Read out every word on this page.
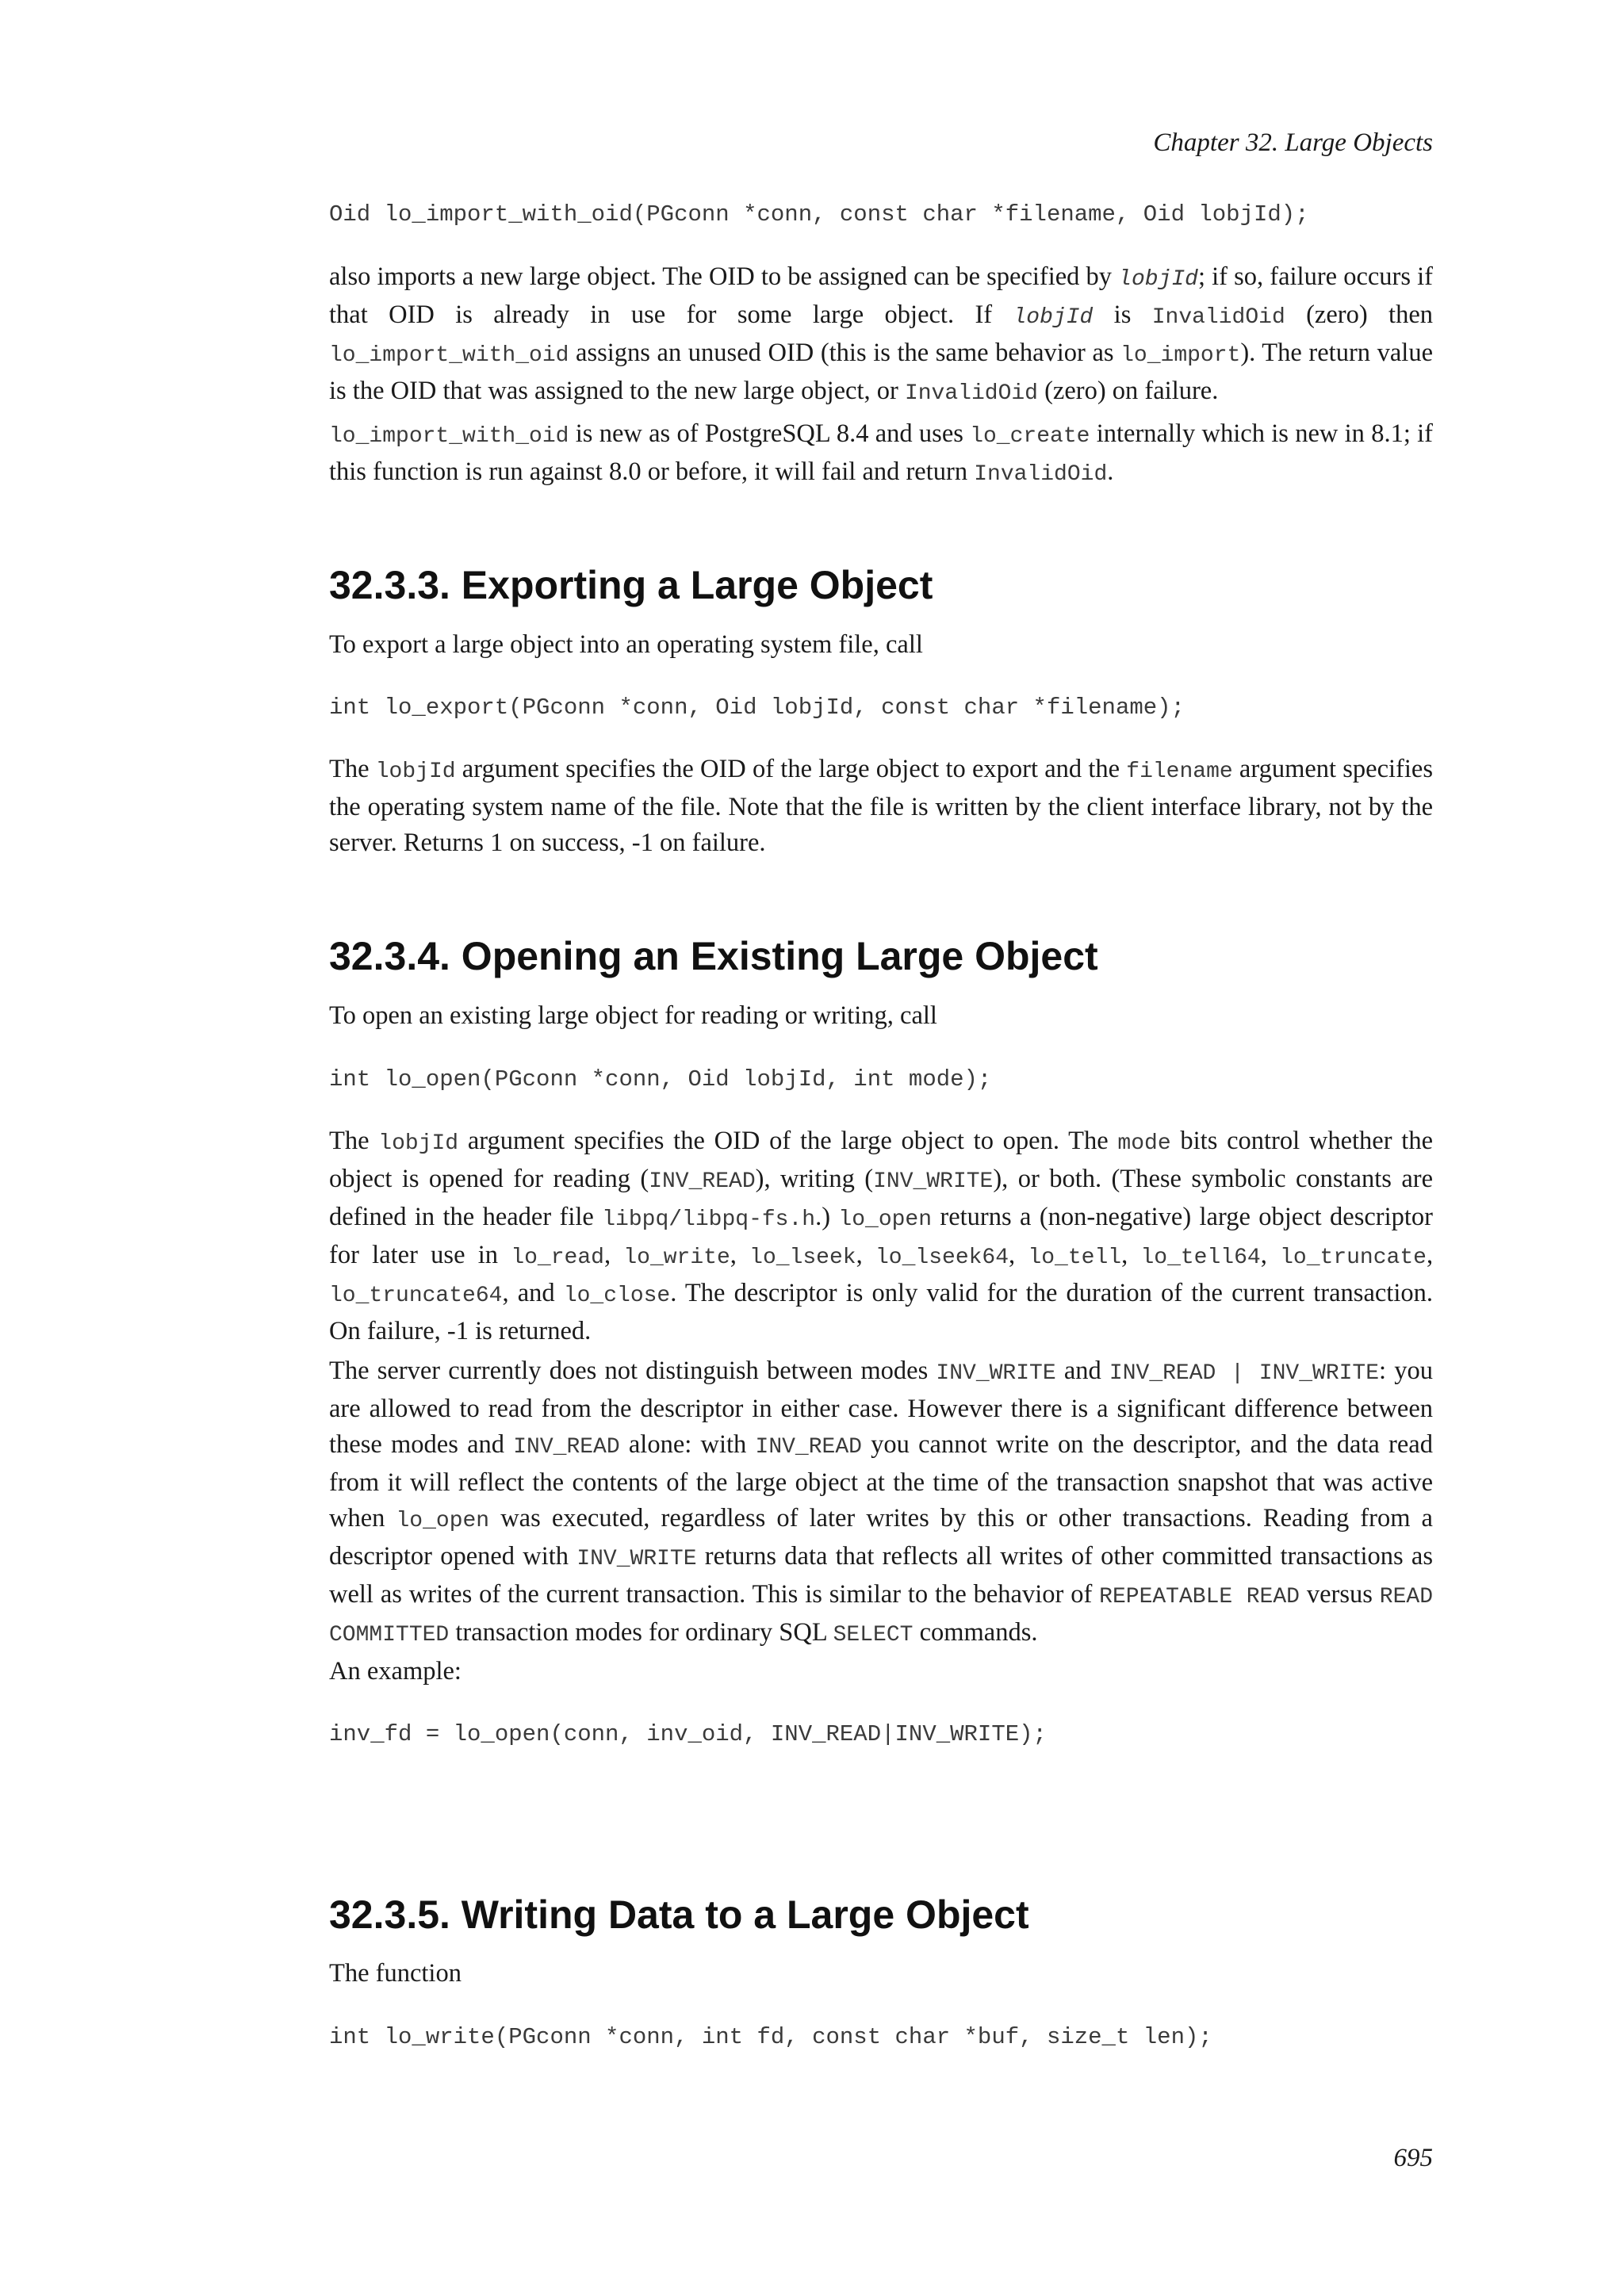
Chapter 32. Large Objects
Oid lo_import_with_oid(PGconn *conn, const char *filename, Oid lobjId);
also imports a new large object. The OID to be assigned can be specified by lobjId; if so, failure occurs if that OID is already in use for some large object. If lobjId is InvalidOid (zero) then lo_import_with_oid assigns an unused OID (this is the same behavior as lo_import). The return value is the OID that was assigned to the new large object, or InvalidOid (zero) on failure.
lo_import_with_oid is new as of PostgreSQL 8.4 and uses lo_create internally which is new in 8.1; if this function is run against 8.0 or before, it will fail and return InvalidOid.
32.3.3. Exporting a Large Object
To export a large object into an operating system file, call
int lo_export(PGconn *conn, Oid lobjId, const char *filename);
The lobjId argument specifies the OID of the large object to export and the filename argument specifies the operating system name of the file. Note that the file is written by the client interface library, not by the server. Returns 1 on success, -1 on failure.
32.3.4. Opening an Existing Large Object
To open an existing large object for reading or writing, call
int lo_open(PGconn *conn, Oid lobjId, int mode);
The lobjId argument specifies the OID of the large object to open. The mode bits control whether the object is opened for reading (INV_READ), writing (INV_WRITE), or both. (These symbolic constants are defined in the header file libpq/libpq-fs.h.) lo_open returns a (non-negative) large object descriptor for later use in lo_read, lo_write, lo_lseek, lo_lseek64, lo_tell, lo_tell64, lo_truncate, lo_truncate64, and lo_close. The descriptor is only valid for the duration of the current transaction. On failure, -1 is returned.
The server currently does not distinguish between modes INV_WRITE and INV_READ | INV_WRITE: you are allowed to read from the descriptor in either case. However there is a significant difference between these modes and INV_READ alone: with INV_READ you cannot write on the descriptor, and the data read from it will reflect the contents of the large object at the time of the transaction snapshot that was active when lo_open was executed, regardless of later writes by this or other transactions. Reading from a descriptor opened with INV_WRITE returns data that reflects all writes of other committed transactions as well as writes of the current transaction. This is similar to the behavior of REPEATABLE READ versus READ COMMITTED transaction modes for ordinary SQL SELECT commands.
An example:
inv_fd = lo_open(conn, inv_oid, INV_READ|INV_WRITE);
32.3.5. Writing Data to a Large Object
The function
int lo_write(PGconn *conn, int fd, const char *buf, size_t len);
695
